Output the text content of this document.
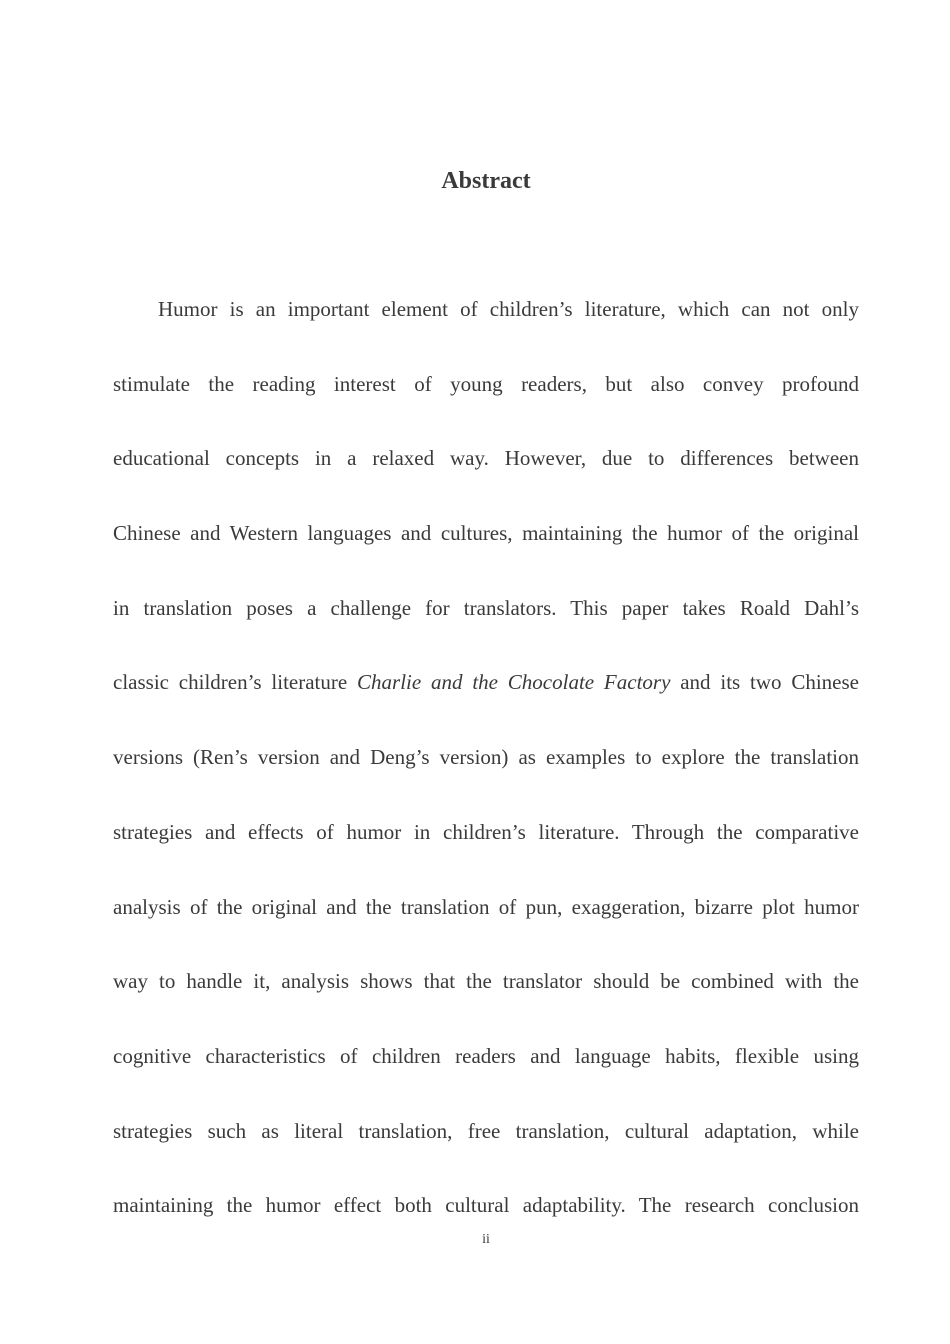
Abstract
Humor is an important element of children’s literature, which can not only
stimulate the reading interest of young readers, but also convey profound
educational concepts in a relaxed way. However, due to differences between
Chinese and Western languages and cultures, maintaining the humor of the original
in translation poses a challenge for translators. This paper takes Roald Dahl’s
classic children’s literature Charlie and the Chocolate Factory and its two Chinese
versions (Ren’s version and Deng’s version) as examples to explore the translation
strategies and effects of humor in children’s literature. Through the comparative
analysis of the original and the translation of pun, exaggeration, bizarre plot humor
way to handle it, analysis shows that the translator should be combined with the
cognitive characteristics of children readers and language habits, flexible using
strategies such as literal translation, free translation, cultural adaptation, while
maintaining the humor effect both cultural adaptability. The research conclusion
ii
